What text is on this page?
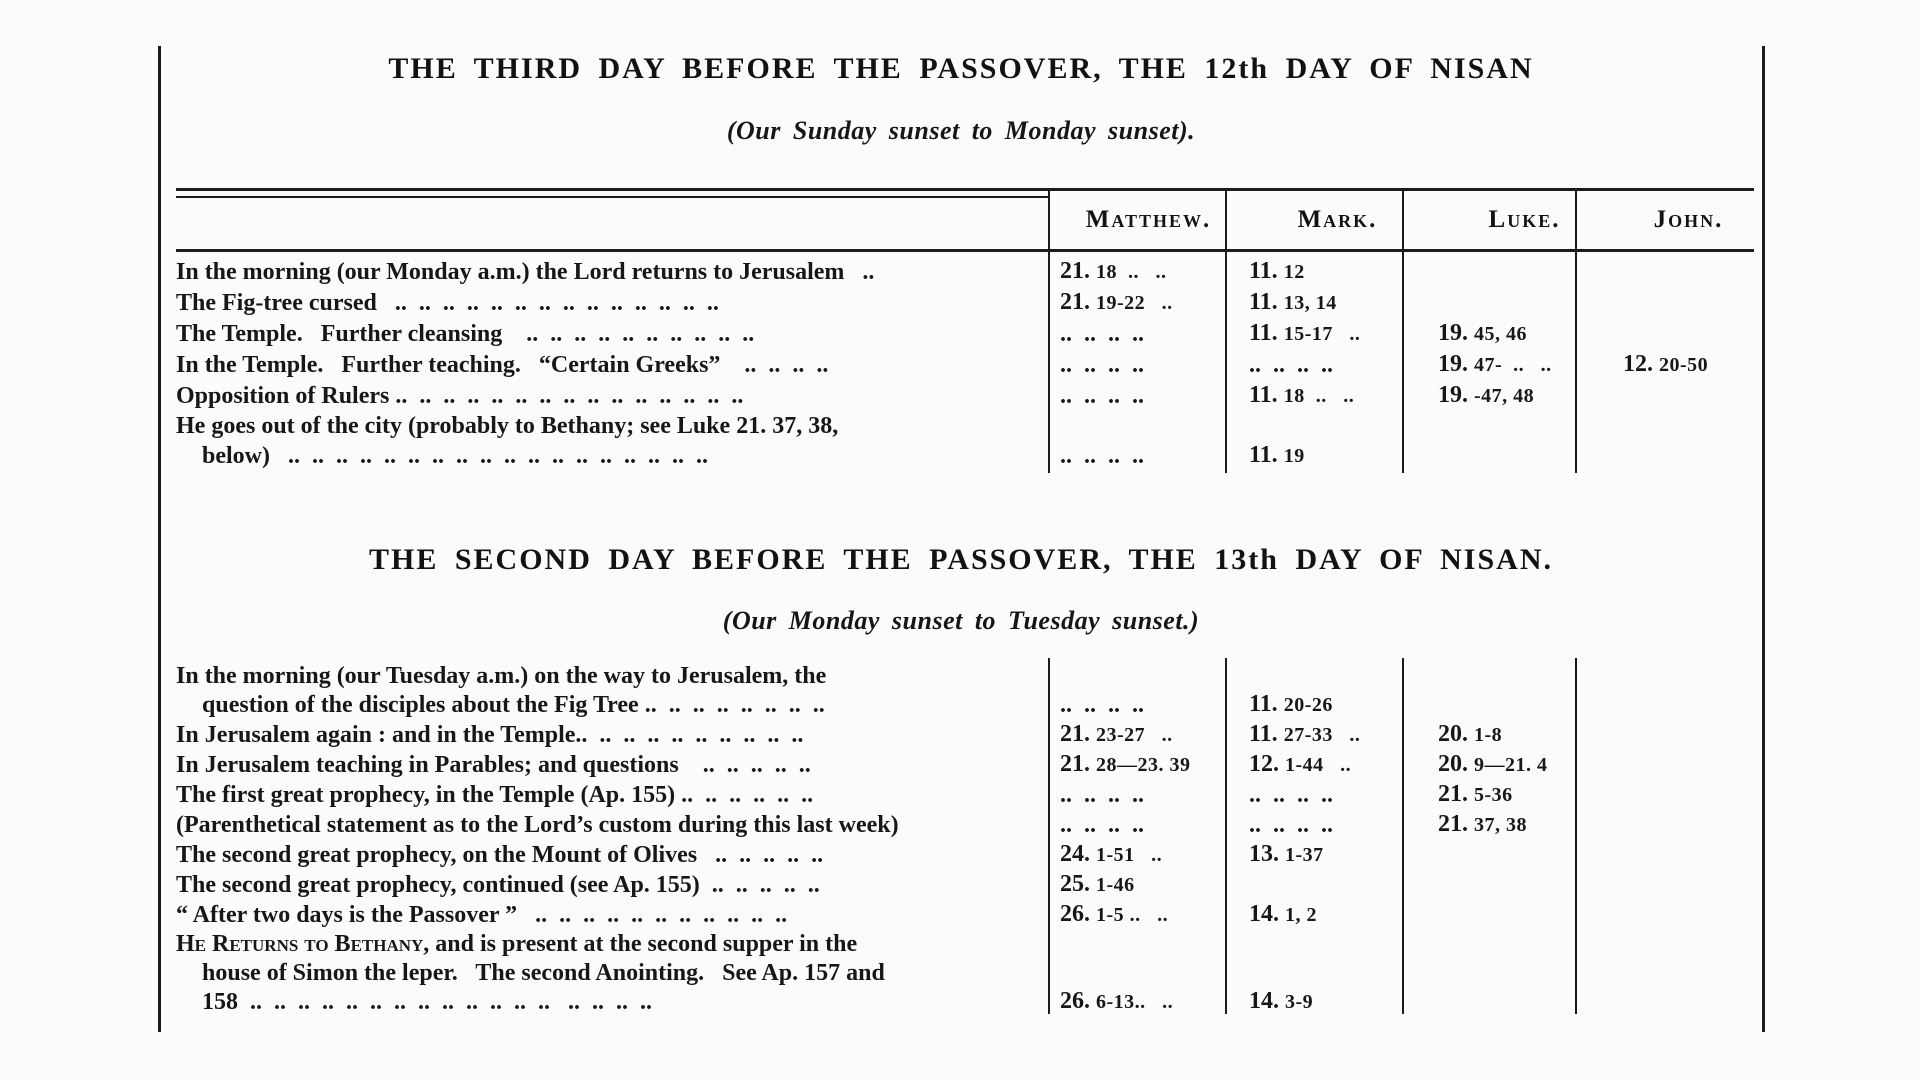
THE THIRD DAY BEFORE THE PASSOVER, THE 12th DAY OF NISAN
(Our Sunday sunset to Monday sunset).
Matthew.	Mark.	Luke.	John.
In the morning (our Monday a.m.) the Lord returns to Jerusalem   ..	21. 18  ..   ..	11. 12
The Fig-tree cursed   ..  ..  ..  ..  ..  ..  ..  ..  ..  ..  ..  ..  ..  ..	21. 19-22   ..	11. 13, 14
The Temple.   Further cleansing    ..  ..  ..  ..  ..  ..  ..  ..  ..  ..	..  ..  ..  ..	11. 15-17   ..	19. 45, 46
In the Temple.   Further teaching.   “Certain Greeks”    ..  ..  ..  ..	..  ..  ..  ..	..  ..  ..  ..	19. 47-  ..   ..	12. 20-50
Opposition of Rulers ..  ..  ..  ..  ..  ..  ..  ..  ..  ..  ..  ..  ..  ..  ..	..  ..  ..  ..	11. 18  ..   ..	19. -47, 48
He goes out of the city (probably to Bethany; see Luke 21. 37, 38,
below)   ..  ..  ..  ..  ..  ..  ..  ..  ..  ..  ..  ..  ..  ..  ..  ..  ..  ..	..  ..  ..  ..	11. 19
THE SECOND DAY BEFORE THE PASSOVER, THE 13th DAY OF NISAN.
(Our Monday sunset to Tuesday sunset.)
In the morning (our Tuesday a.m.) on the way to Jerusalem, the
question of the disciples about the Fig Tree ..  ..  ..  ..  ..  ..  ..  ..	..  ..  ..  ..	11. 20-26
In Jerusalem again : and in the Temple..  ..  ..  ..  ..  ..  ..  ..  ..  ..	21. 23-27   ..	11. 27-33   ..	20. 1-8
In Jerusalem teaching in Parables; and questions    ..  ..  ..  ..  ..	21. 28—23. 39	12. 1-44   ..	20. 9—21. 4
The first great prophecy, in the Temple (Ap. 155) ..  ..  ..  ..  ..  ..	..  ..  ..  ..	..  ..  ..  ..	21. 5-36
(Parenthetical statement as to the Lord’s custom during this last week)	..  ..  ..  ..	..  ..  ..  ..	21. 37, 38
The second great prophecy, on the Mount of Olives   ..  ..  ..  ..  ..	24. 1-51   ..	13. 1-37
The second great prophecy, continued (see Ap. 155)  ..  ..  ..  ..  ..	25. 1-46
“ After two days is the Passover ”   ..  ..  ..  ..  ..  ..  ..  ..  ..  ..  ..	26. 1-5 ..   ..	14. 1, 2
He Returns to Bethany, and is present at the second supper in the
house of Simon the leper.   The second Anointing.   See Ap. 157 and
158  ..  ..  ..  ..  ..  ..  ..  ..  ..  ..  ..  ..  ..   ..  ..  ..  ..	26. 6-13..   ..	14. 3-9
